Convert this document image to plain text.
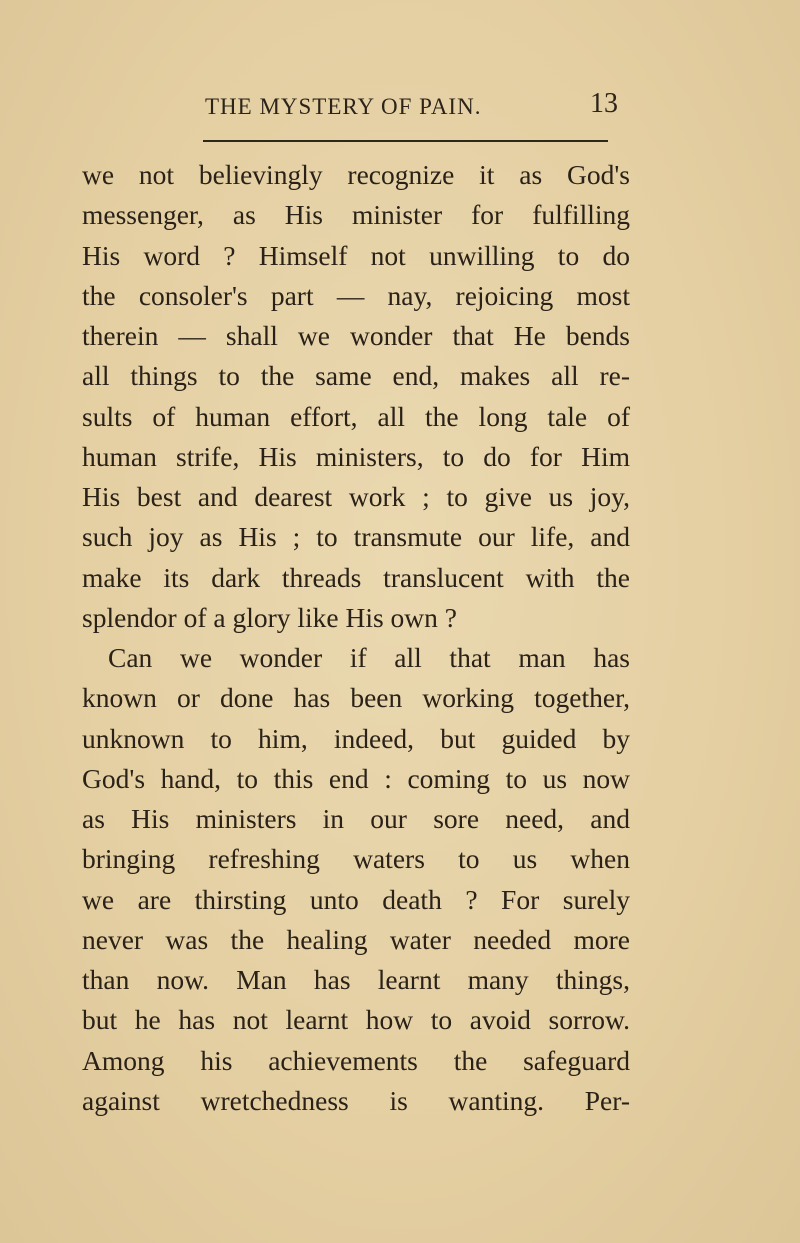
THE MYSTERY OF PAIN.	13
we not believingly recognize it as God's
messenger, as His minister for fulfilling
His word ? Himself not unwilling to do
the consoler's part — nay, rejoicing most
therein — shall we wonder that He bends
all things to the same end, makes all re-
sults of human effort, all the long tale of
human strife, His ministers, to do for Him
His best and dearest work ; to give us joy,
such joy as His ; to transmute our life, and
make its dark threads translucent with the
splendor of a glory like His own ?
Can we wonder if all that man has
known or done has been working together,
unknown to him, indeed, but guided by
God's hand, to this end : coming to us now
as His ministers in our sore need, and
bringing refreshing waters to us when
we are thirsting unto death ? For surely
never was the healing water needed more
than now. Man has learnt many things,
but he has not learnt how to avoid sorrow.
Among his achievements the safeguard
against wretchedness is wanting. Per-
